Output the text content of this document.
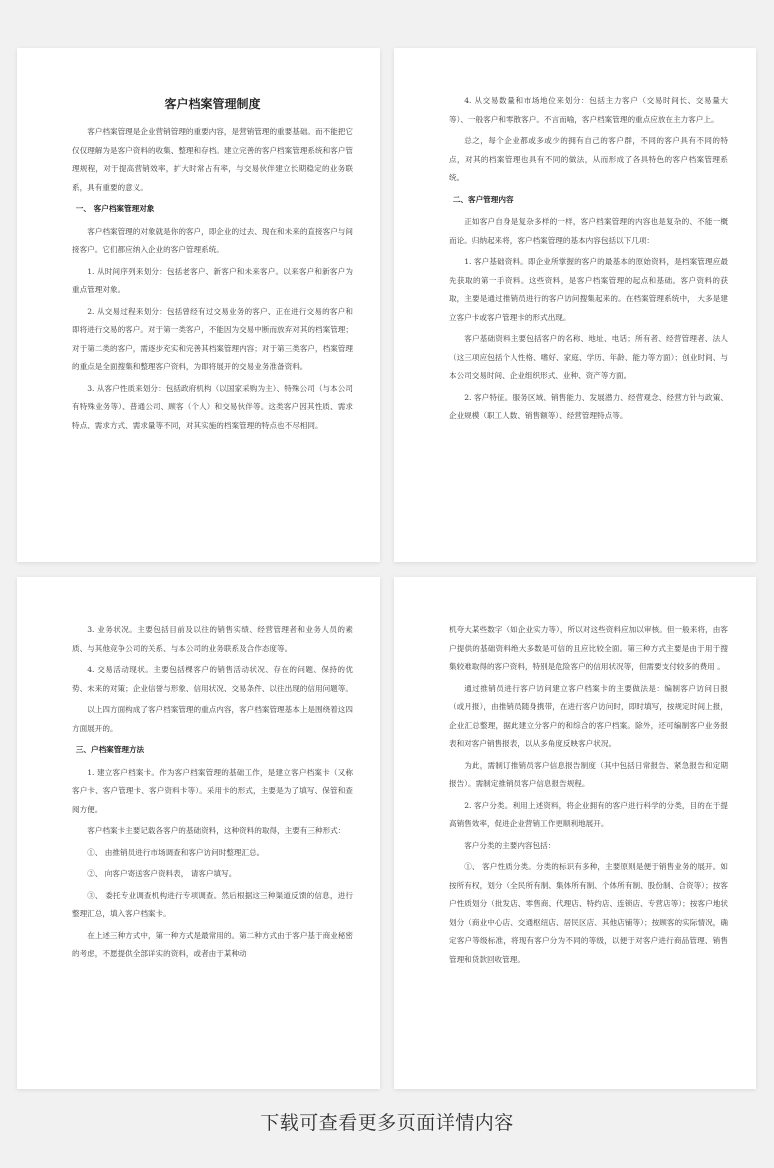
客户档案管理制度

客户档案管理是企业营销管理的重要内容，是营销管理的重要基础。而不能把它仅仅理解为是客户资料的收集、整理和存档。建立完善的客户档案管理系统和客户管理规程，对于提高营销效率，扩大时常占有率，与交易伙伴建立长期稳定的业务联系，具有重要的意义。

一、 客户档案管理对象

客户档案管理的对象就是你的客户，即企业的过去、现在和未来的直接客户与间接客户。它们都应纳入企业的客户管理系统。

1. 从时间序列来划分：包括老客户、新客户和未来客户。以来客户和新客户为重点管理对象。

2. 从交易过程来划分：包括曾经有过交易业务的客户、正在进行交易的客户和即将进行交易的客户。对于第一类客户，不能因为交易中断而放弃对其的档案管理；对于第二类的客户，需逐步充实和完善其档案管理内容；对于第三类客户，档案管理的重点是全面搜集和整理客户资料，为即将展开的交易业务准备资料。

3. 从客户性质来划分：包括政府机构（以国家采购为主）、特殊公司（与本公司有特殊业务等）、普通公司、顾客（个人）和交易伙伴等。这类客户因其性质、需求特点、需求方式、需求量等不同，对其实施的档案管理的特点也不尽相同。

4. 从交易数量和市场地位来划分：包括主力客户（交易时间长、交易量大等）、一般客户和零散客户。不言而喻，客户档案管理的重点应放在主力客户上。

总之，每个企业都或多或少的拥有自己的客户群，不同的客户具有不同的特点，对其的档案管理也具有不同的做法，从而形成了各具特色的客户档案管理系统。

二、客户管理内容

正如客户自身是复杂多样的一样，客户档案管理的内容也是复杂的、不能一概而论。归纳起来将，客户档案管理的基本内容包括以下几项：

1. 客户基础资料。即企业所掌握的客户的最基本的原始资料，是档案管理应最先获取的第一手资料。这些资料，是客户档案管理的起点和基础。客户资料的获取，主要是通过推销员进行的客户访问搜集起来的。在档案管理系统中， 大多是建立客户卡或客户管理卡的形式出现。

客户基础资料主要包括客户的名称、地址、电话；所有者、经营管理者、法人（这三项应包括个人性格、嗜好、家庭、学历、年龄、能力等方面）；创业时间、与本公司交易时间、企业组织形式、业种、资产等方面。

2. 客户特征。服务区域、销售能力、发展潜力、经营观念、经营方针与政策、企业规模（职工人数、销售额等）、经营管理特点等。

3. 业务状况。主要包括目前及以往的销售实绩、经营管理者和业务人员的素质、与其他竞争公司的关系、与本公司的业务联系及合作态度等。

4. 交易活动现状。主要包括棵客户的销售活动状况、存在的问题、保持的优势、未来的对策；企业信誉与形象、信用状况、交易条件、以往出现的信用问题等。

以上四方面构成了客户档案管理的重点内容，客户档案管理基本上是围绕着这四方面展开的。

三、户档案管理方法

1. 建立客户档案卡。作为客户档案管理的基础工作，是建立客户档案卡（又称客户卡、客户管理卡、客户资料卡等）。采用卡的形式，主要是为了填写、保管和查阅方便。

客户档案卡主要记载各客户的基础资料，这种资料的取得，主要有三种形式：

①、 由推销员进行市场调查和客户访问时整理汇总。

②、 向客户寄送客户资料表， 请客户填写。

③、 委托专业调查机构进行专项调查。然后根据这三种渠道反馈的信息，进行整理汇总，填入客户档案卡。

在上述三种方式中，第一种方式是最常用的。第二种方式由于客户基于商业秘密的考虑，不愿提供全部详实的资料，或者由于某种动

机夸大某些数字（如企业实力等），所以对这些资料应加以审核。但一般来将，由客户提供的基础资料绝大多数是可信的且应比较全面。第三种方式主要是由于用于搜集较难取得的客户资料，特别是危险客户的信用状况等，但需要支付较多的费用 。

通过推销员进行客户访问建立客户档案卡的主要做法是：编制客户访问日报（或月报），由推销员随身携带，在进行客户访问时，即时填写，按规定时间上报，企业汇总整理，据此建立分客户的和综合的客户档案。除外，还可编制客户业务报表和对客户销售报表，以从多角度反映客户状况。

为此，需制订推销员客户信息报告制度（其中包括日常报告、紧急报告和定期报告）。需制定推销员客户信息报告规程。

2. 客户分类。利用上述资料，将企业拥有的客户进行科学的分类，目的在于提高销售效率，促进企业营销工作更顺利地展开。

客户分类的主要内容包括：

①、 客户性质分类。分类的标识有多种，主要原则是便于销售业务的展开。如按所有权，划分（全民所有制、集体所有制、个体所有制、股份制、合资等）；按客户性质划分（批发店、零售商、代理店、特约店、连锁店、专营店等）；按客户地状划分（商业中心店、交通枢纽店、居民区店、其他店铺等）；按顾客的实际情况，确定客户等级标准，将现有客户分为不同的等级，以便于对客户进行商品管理、销售管理和货款回收管理。

下载可查看更多页面详情内容
